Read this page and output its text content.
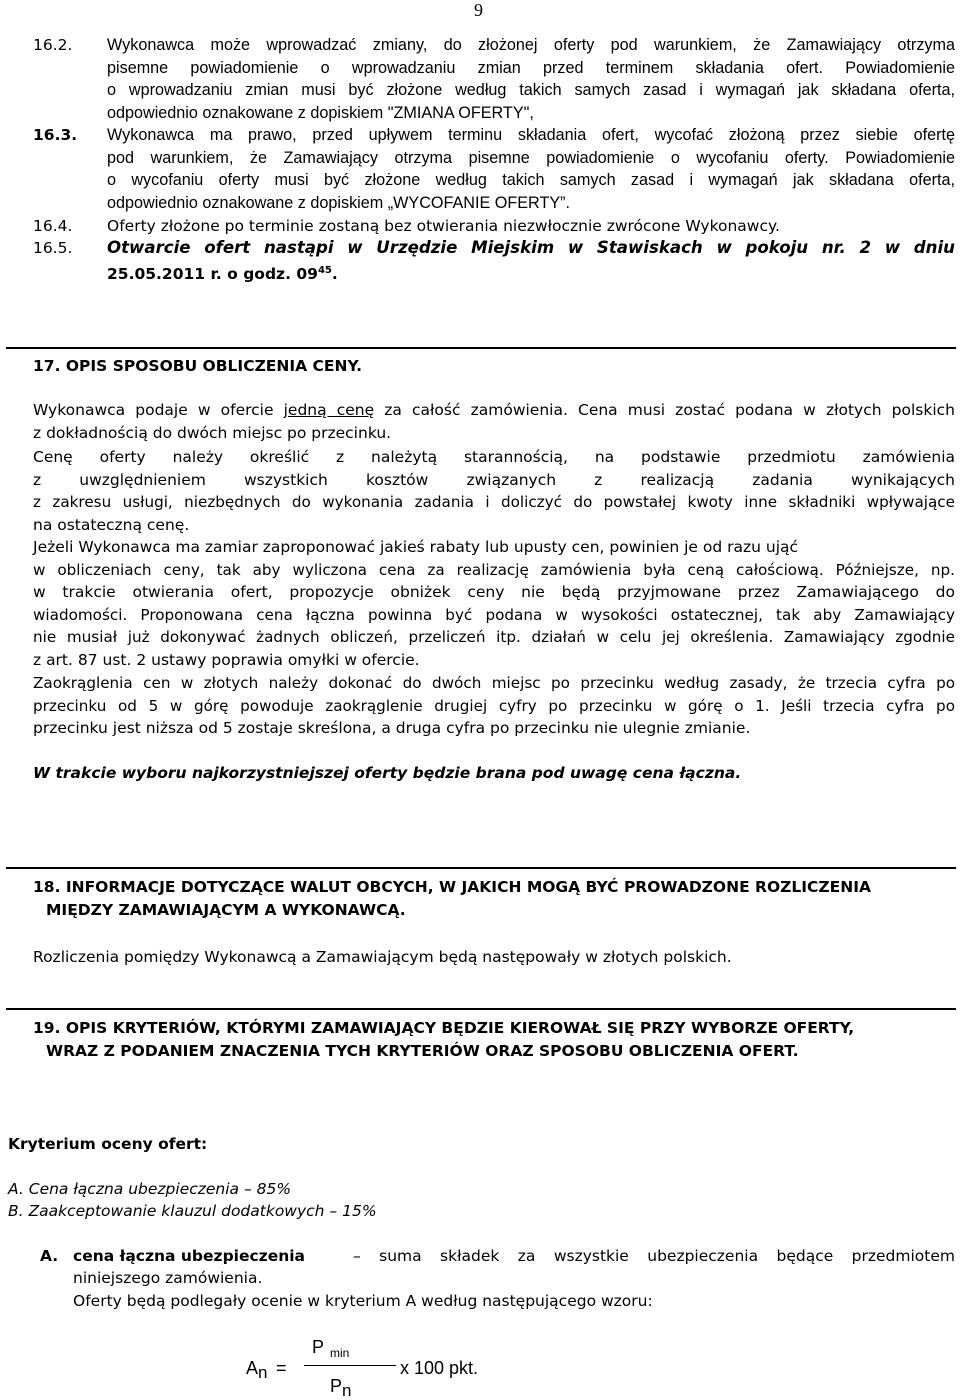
9
16.2. Wykonawca może wprowadzać zmiany, do złożonej oferty pod warunkiem, że Zamawiający otrzyma
pisemne powiadomienie o wprowadzaniu zmian przed terminem składania ofert. Powiadomienie
o wprowadzaniu zmian musi być złożone według takich samych zasad i wymagań jak składana oferta,
odpowiednio oznakowane z dopiskiem "ZMIANA OFERTY",
16.3. Wykonawca ma prawo, przed upływem terminu składania ofert, wycofać złożoną przez siebie ofertę
pod warunkiem, że Zamawiający otrzyma pisemne powiadomienie o wycofaniu oferty. Powiadomienie
o wycofaniu oferty musi być złożone według takich samych zasad i wymagań jak składana oferta,
odpowiednio oznakowane z dopiskiem „WYCOFANIE OFERTY”.
16.4. Oferty złożone po terminie zostaną bez otwierania niezwłocznie zwrócone Wykonawcy.
16.5. Otwarcie ofert nastąpi w Urzędzie Miejskim w Stawiskach w pokoju nr. 2 w dniu
25.05.2011 r. o godz. $09^{45}$.
17. OPIS SPOSOBU OBLICZENIA CENY.
Wykonawca podaje w ofercie jedną cenę za całość zamówienia. Cena musi zostać podana w złotych polskich
z dokładnością do dwóch miejsc po przecinku.
Cenę oferty należy określić z należytą starannością, na podstawie przedmiotu zamówienia
z uwzględnieniem wszystkich kosztów związanych z realizacją zadania wynikających
z zakresu usługi, niezbędnych do wykonania zadania i doliczyć do powstałej kwoty inne składniki wpływające
na ostateczną cenę.
Jeżeli Wykonawca ma zamiar zaproponować jakieś rabaty lub upusty cen, powinien je od razu ująć
w obliczeniach ceny, tak aby wyliczona cena za realizację zamówienia była ceną całościową. Późniejsze, np.
w trakcie otwierania ofert, propozycje obniżek ceny nie będą przyjmowane przez Zamawiającego do
wiadomości. Proponowana cena łączna powinna być podana w wysokości ostatecznej, tak aby Zamawiający
nie musiał już dokonywać żadnych obliczeń, przeliczeń itp. działań w celu jej określenia. Zamawiający zgodnie
z art. 87 ust. 2 ustawy poprawia omyłki w ofercie.
Zaokrąglenia cen w złotych należy dokonać do dwóch miejsc po przecinku według zasady, że trzecia cyfra po
przecinku od 5 w górę powoduje zaokrąglenie drugiej cyfry po przecinku w górę o 1. Jeśli trzecia cyfra po
przecinku jest niższa od 5 zostaje skreślona, a druga cyfra po przecinku nie ulegnie zmianie.
W trakcie wyboru najkorzystniejszej oferty będzie brana pod uwagę cena łączna.
18. INFORMACJE DOTYCZĄCE WALUT OBCYCH, W JAKICH MOGĄ BYĆ PROWADZONE ROZLICZENIA
MIĘDZY ZAMAWIAJĄCYM A WYKONAWCĄ.
Rozliczenia pomiędzy Wykonawcą a Zamawiającym będą następowały w złotych polskich.
19. OPIS KRYTERIÓW, KTÓRYMI ZAMAWIAJĄCY BĘDZIE KIEROWAŁ SIĘ PRZY WYBORZE OFERTY,
WRAZ Z PODANIEM ZNACZENIA TYCH KRYTERIÓW ORAZ SPOSOBU OBLICZENIA OFERT.
Kryterium oceny ofert:
A. Cena łączna ubezpieczenia – 85%
B. Zaakceptowanie klauzul dodatkowych – 15%
A. cena łączna ubezpieczenia	– suma składek za wszystkie ubezpieczenia będące przedmiotem
niniejszego zamówienia.
Oferty będą podlegały ocenie w kryterium A według następującego wzoru:
An =
P $_{min}$
Pn
x 100 pkt.
